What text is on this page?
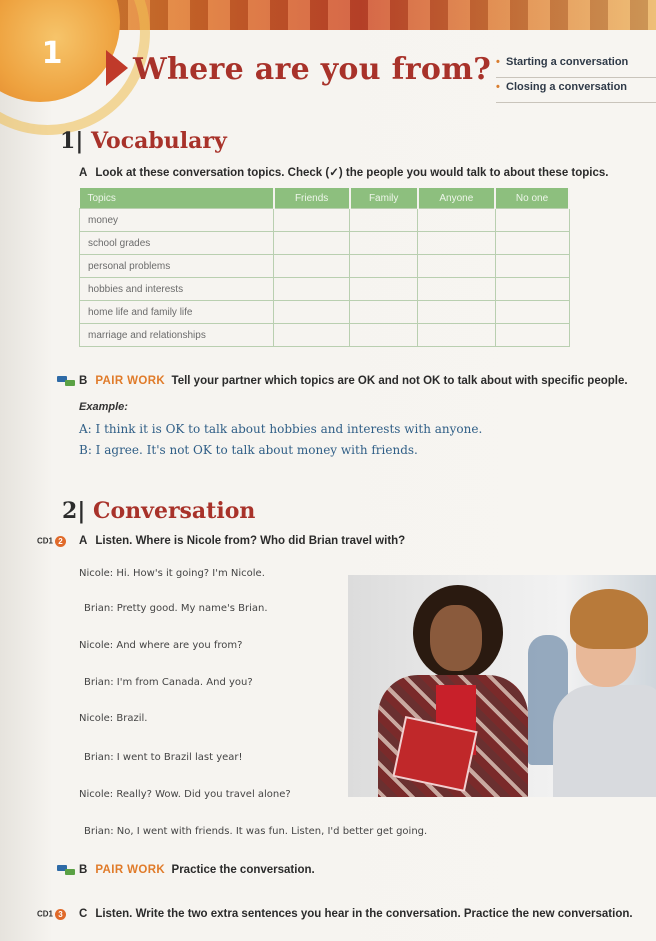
1	Where are you from?	• Starting a conversation
• Closing a conversation
1| Vocabulary
A Look at these conversation topics. Check (✓) the people you would talk to about these topics.
Topics	Friends	Family	Anyone	No one
money				
school grades				
personal problems				
hobbies and interests				
home life and family life				
marriage and relationships				
B PAIR WORK Tell your partner which topics are OK and not OK to talk about with specific people.
Example:
A: I think it is OK to talk about hobbies and interests with anyone.
B: I agree. It's not OK to talk about money with friends.
2| Conversation
CD1 2 A Listen. Where is Nicole from? Who did Brian travel with?
Nicole: Hi. How's it going? I'm Nicole.
Brian: Pretty good. My name's Brian.
Nicole: And where are you from?
Brian: I'm from Canada. And you?
Nicole: Brazil.
Brian: I went to Brazil last year!
Nicole: Really? Wow. Did you travel alone?
Brian: No, I went with friends. It was fun. Listen, I'd better get going.
B PAIR WORK Practice the conversation.
CD1 3 C Listen. Write the two extra sentences you hear in the conversation. Practice the new conversation.
